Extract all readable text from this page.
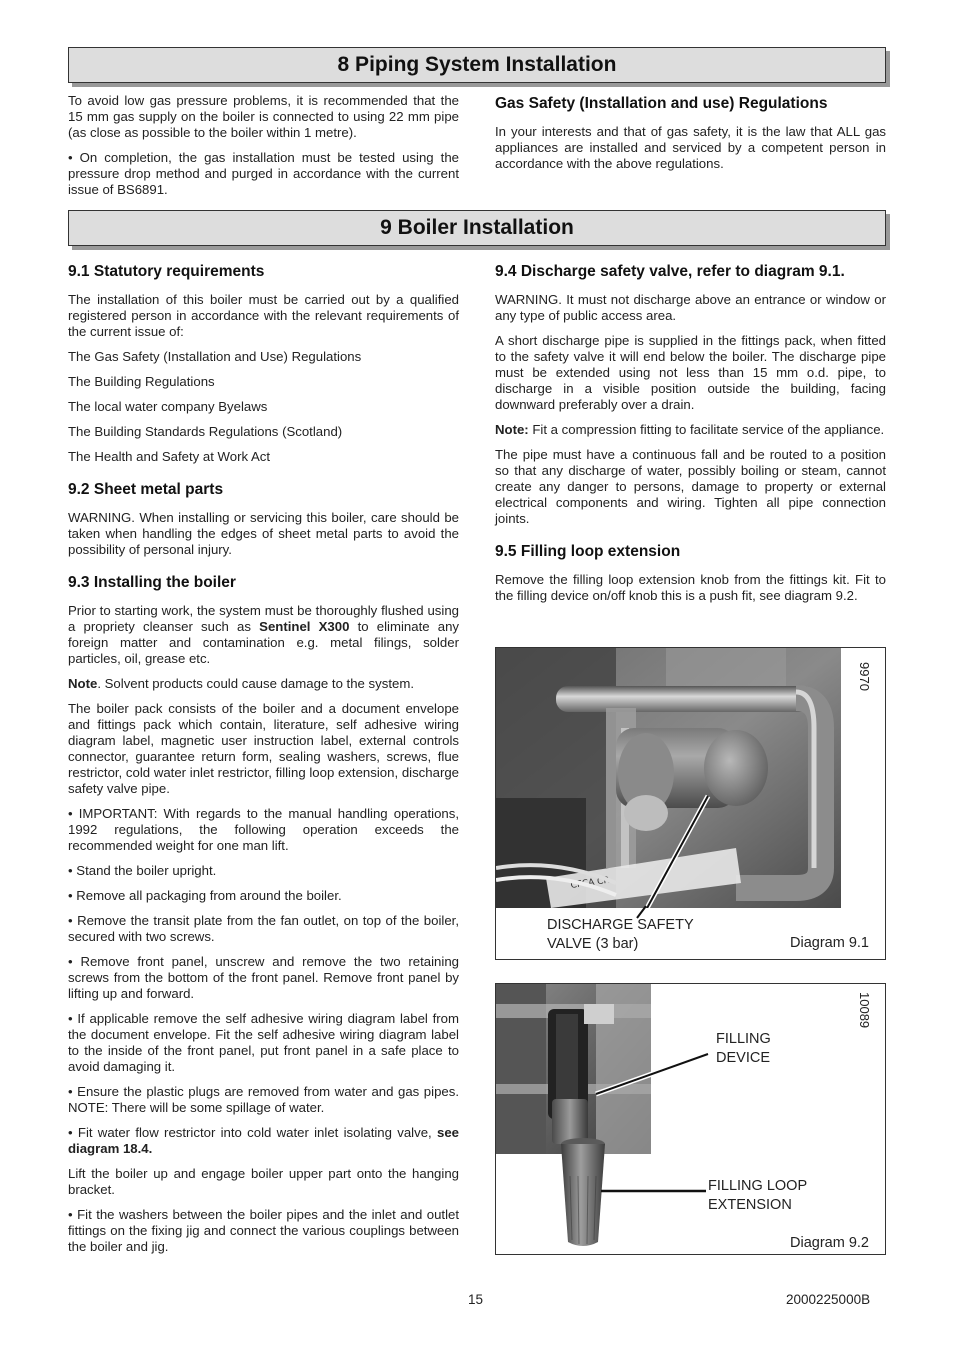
8 Piping System Installation

To avoid low gas pressure problems, it is recommended that the 15 mm gas supply on the boiler is connected to using 22 mm pipe (as close as possible to the boiler within 1 metre).

• On completion, the gas installation must be tested using the pressure drop method and purged in accordance with the current issue of BS6891.

Gas Safety (Installation and use) Regulations

In your interests and that of gas safety, it is the law that ALL gas appliances are installed and serviced by a competent person in accordance with the above regulations.

9 Boiler Installation
9.1 Statutory requirements

The installation of this boiler must be carried out by a qualified registered person in accordance with the relevant requirements of the current issue of:

The Gas Safety (Installation and Use) Regulations

The Building Regulations

The local water company Byelaws

The Building Standards Regulations (Scotland)

The Health and Safety at Work Act

9.2 Sheet metal parts

WARNING. When installing or servicing this boiler, care should be taken when handling the edges of sheet metal parts to avoid the possibility of personal injury.

9.3 Installing the boiler

Prior to starting work, the system must be thoroughly flushed using a propriety cleanser such as Sentinel X300 to eliminate any foreign matter and contamination e.g. metal filings, solder particles, oil, grease etc.

Note. Solvent products could cause damage to the system.

The boiler pack consists of the boiler and a document envelope and fittings pack which contain, literature, self adhesive wiring diagram label, magnetic user instruction label, external controls connector, guarantee return form, sealing washers, screws, flue restrictor, cold water inlet restrictor, filling loop extension, discharge safety valve pipe.

• IMPORTANT: With regards to the manual handling operations, 1992 regulations, the following operation exceeds the recommended weight for one man lift.

• Stand the boiler upright.

• Remove all packaging from around the boiler.

• Remove the transit plate from the fan outlet, on top of the boiler, secured with two screws.

• Remove front panel, unscrew and remove the two retaining screws from the bottom of the front panel. Remove front panel by lifting up and forward.

• If applicable remove the self adhesive wiring diagram label from the document envelope. Fit the self adhesive wiring diagram label to the inside of the front panel, put front panel in a safe place to avoid damaging it.

• Ensure the plastic plugs are removed from water and gas pipes. NOTE: There will be some spillage of water.

• Fit water flow restrictor into cold water inlet isolating valve, see diagram 18.4.

Lift the boiler up and engage boiler upper part onto the hanging bracket.

• Fit the washers between the boiler pipes and the inlet and outlet fittings on the fixing jig and connect the various couplings between the boiler and jig.

9.4 Discharge safety valve, refer to diagram 9.1.

WARNING. It must not discharge above an entrance or window or any type of public access area.

A short discharge pipe is supplied in the fittings pack, when fitted to the safety valve it will end below the boiler. The discharge pipe must be extended using not less than 15 mm o.d. pipe, to discharge in a visible position outside the building, facing downward preferably over a drain.

Note: Fit a compression fitting to facilitate service of the appliance.

The pipe must have a continuous fall and be routed to a position so that any discharge of water, possibly boiling or steam, cannot create any danger to persons, damage to property or external electrical components and wiring. Tighten all pipe connection joints.

9.5 Filling loop extension

Remove the filling loop extension knob from the fittings kit. Fit to the filling device on/off knob this is a push fit, see diagram 9.2.

CFCA CR
DISCHARGE SAFETY
VALVE (3 bar)	Diagram 9.1
9970
FILLING
DEVICE
FILLING LOOP
EXTENSION
Diagram 9.2
10089
15	2000225000B
